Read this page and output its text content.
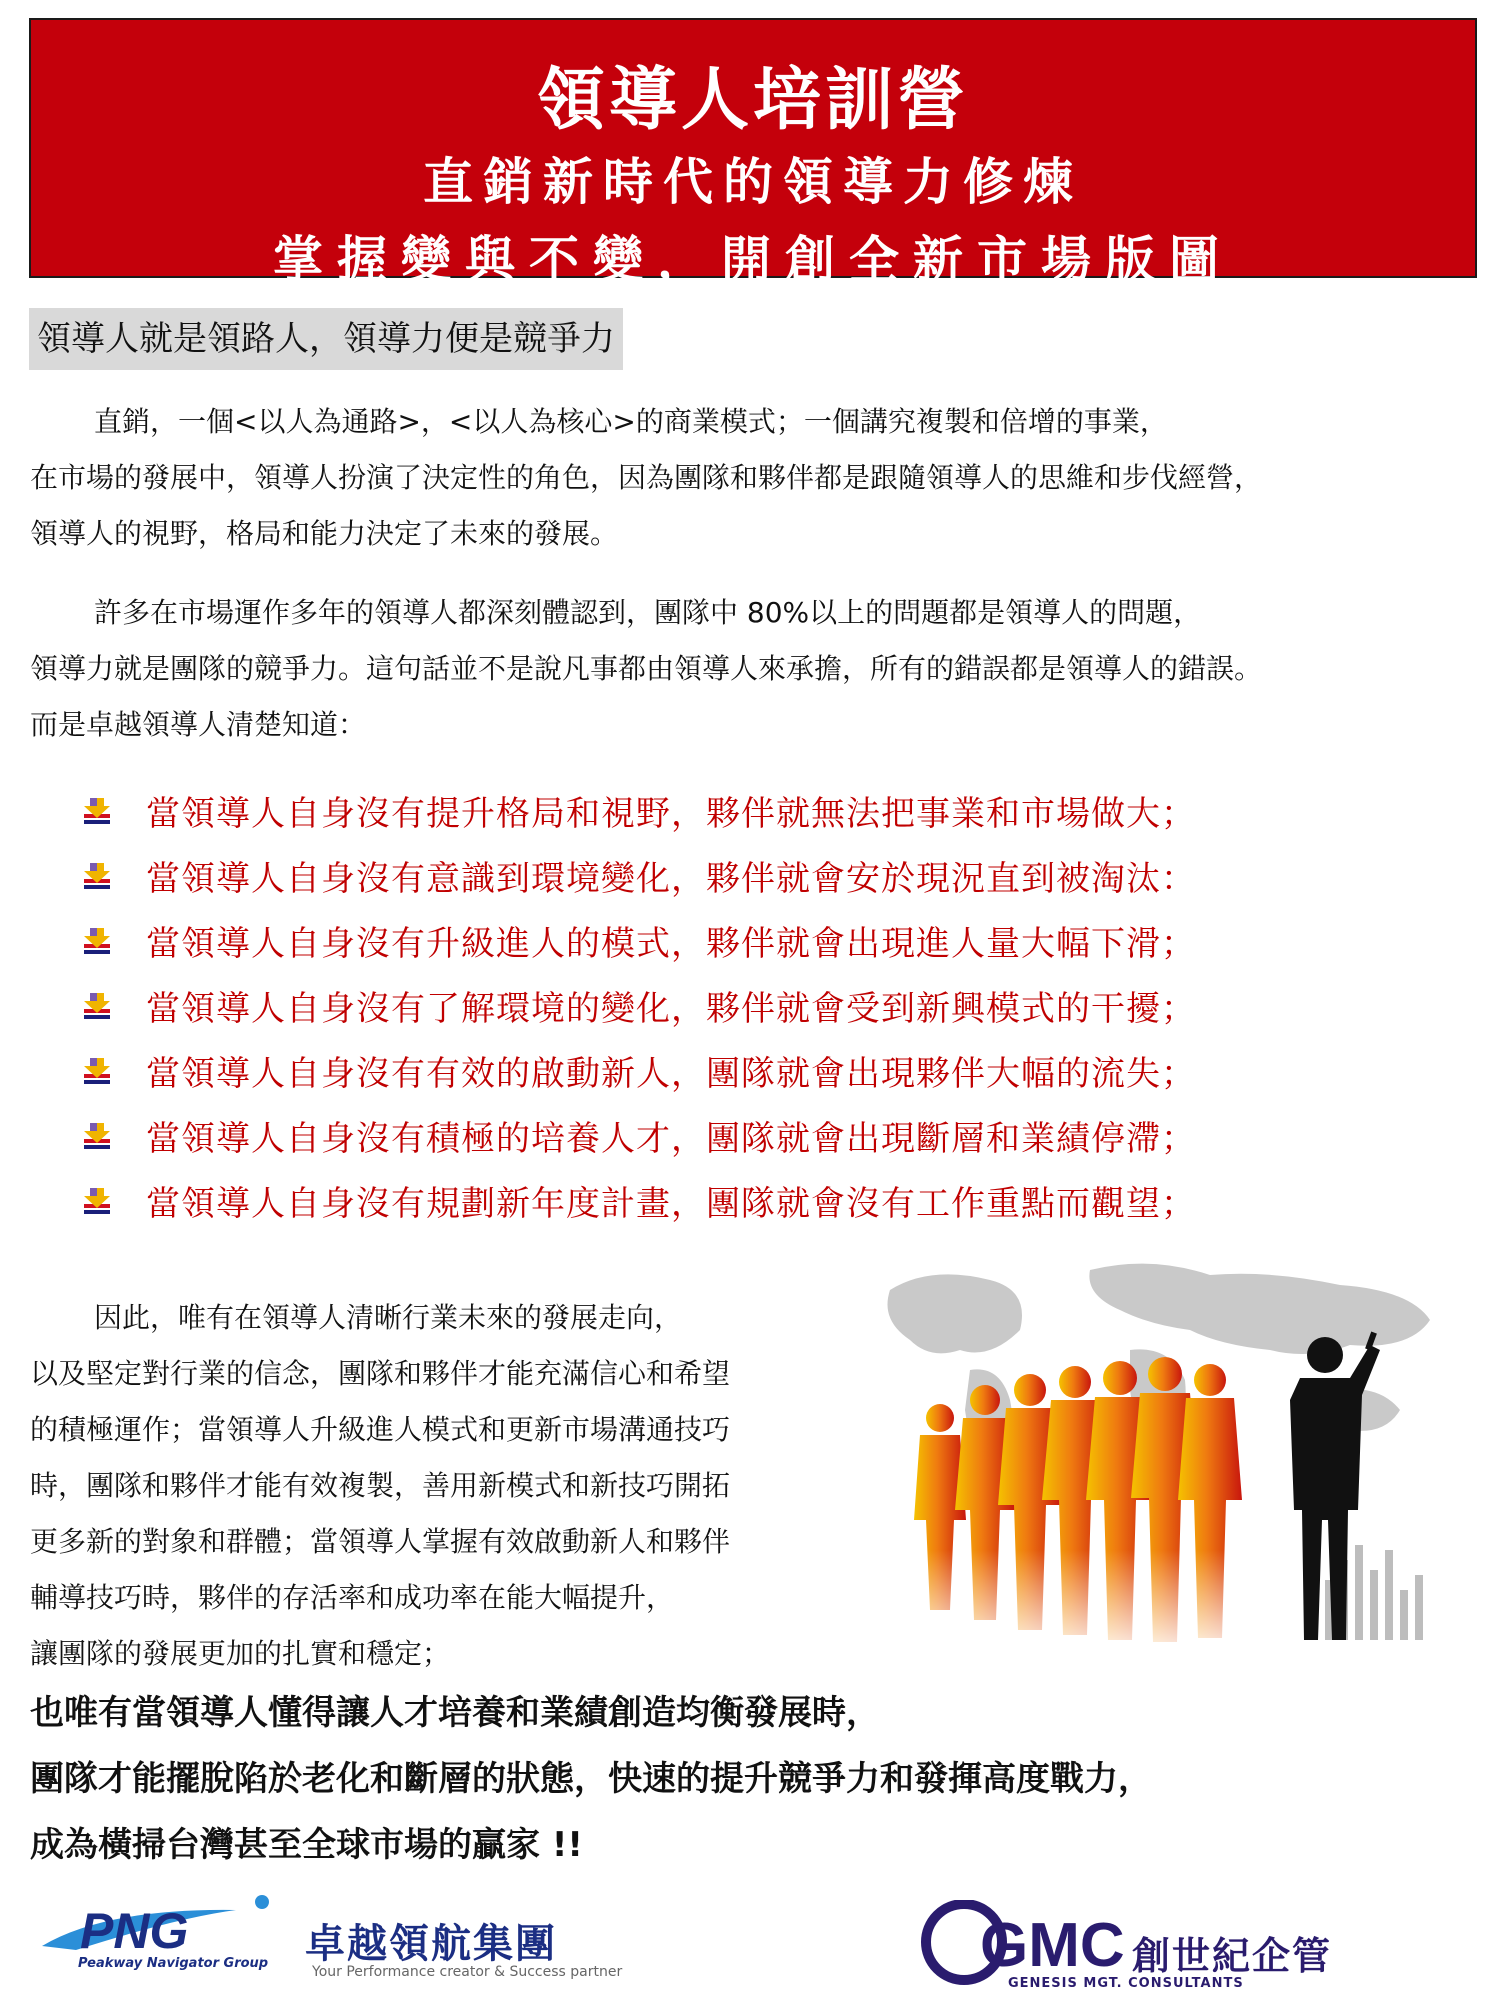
領導人培訓營
直銷新時代的領導力修煉
掌握變與不變，開創全新市場版圖
領導人就是領路人，領導力便是競爭力
直銷，一個<以人為通路>，<以人為核心>的商業模式；一個講究複製和倍增的事業，
在市場的發展中，領導人扮演了決定性的角色，因為團隊和夥伴都是跟隨領導人的思維和步伐經營，
領導人的視野，格局和能力決定了未來的發展。
許多在市場運作多年的領導人都深刻體認到，團隊中 80%以上的問題都是領導人的問題，
領導力就是團隊的競爭力。這句話並不是說凡事都由領導人來承擔，所有的錯誤都是領導人的錯誤。
而是卓越領導人清楚知道：
當領導人自身沒有提升格局和視野，夥伴就無法把事業和市場做大；
當領導人自身沒有意識到環境變化，夥伴就會安於現況直到被淘汰：
當領導人自身沒有升級進人的模式，夥伴就會出現進人量大幅下滑；
當領導人自身沒有了解環境的變化，夥伴就會受到新興模式的干擾；
當領導人自身沒有有效的啟動新人，團隊就會出現夥伴大幅的流失；
當領導人自身沒有積極的培養人才，團隊就會出現斷層和業績停滯；
當領導人自身沒有規劃新年度計畫，團隊就會沒有工作重點而觀望；
因此，唯有在領導人清晰行業未來的發展走向，
以及堅定對行業的信念，團隊和夥伴才能充滿信心和希望
的積極運作；當領導人升級進人模式和更新市場溝通技巧
時，團隊和夥伴才能有效複製，善用新模式和新技巧開拓
更多新的對象和群體；當領導人掌握有效啟動新人和夥伴
輔導技巧時，夥伴的存活率和成功率在能大幅提升，
讓團隊的發展更加的扎實和穩定；
也唯有當領導人懂得讓人才培養和業績創造均衡發展時，
團隊才能擺脫陷於老化和斷層的狀態，快速的提升競爭力和發揮高度戰力，
成為橫掃台灣甚至全球市場的贏家 !!
PNG
Peakway Navigator Group 卓越領航集團
Your Performance creator & Success partner	GMC
GENESIS MGT. CONSULTANTS
創世紀企管
